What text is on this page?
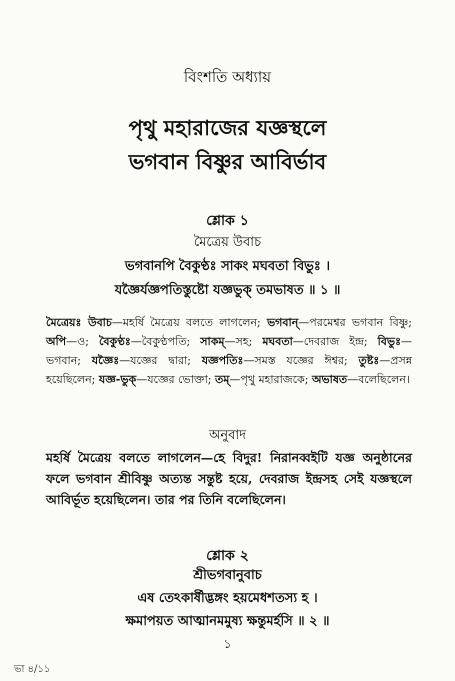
বিংশতি অধ্যায়
পৃথু মহারাজের যজ্ঞস্থলে
ভগবান বিষ্ণুর আবির্ভাব
শ্লোক ১
মৈত্রেয় উবাচ
ভগবানপি বৈকুণ্ঠঃ সাকং মঘবতা বিভুঃ ।
যজ্ঞৈর্যজ্ঞপতিস্তুষ্টো যজ্ঞভুক্ তমভাষত ॥ ১ ॥
মৈত্রেয়ঃ উবাচ—মহর্ষি মৈত্রেয় বলতে লাগলেন; ভগবান্—পরমেশ্বর ভগবান বিষ্ণু; অপি—ও; বৈকুণ্ঠঃ—বৈকুণ্ঠপতি; সাকম্—সহ; মঘবতা—দেবরাজ ইন্দ্র; বিভুঃ—ভগবান; যজ্ঞৈঃ—যজ্ঞের দ্বারা; যজ্ঞপতিঃ—সমস্ত যজ্ঞের ঈশ্বর; তুষ্টঃ—প্রসন্ন হয়েছিলেন; যজ্ঞ-ভুক্—যজ্ঞের ভোক্তা; তম্—পৃথু মহারাজকে; অভাষত—বলেছিলেন।
অনুবাদ
মহর্ষি মৈত্রেয় বলতে লাগলেন—হে বিদুর! নিরানব্বইটি যজ্ঞ অনুষ্ঠানের ফলে ভগবান শ্রীবিষ্ণু অত্যন্ত সন্তুষ্ট হয়ে, দেবরাজ ইন্দ্রসহ সেই যজ্ঞস্থলে আবির্ভূত হয়েছিলেন। তার পর তিনি বলেছিলেন।
শ্লোক ২
শ্রীভগবানুবাচ
এষ তেঽকার্ষীদ্ভঙ্গং হয়মেধশতস্য হ ।
ক্ষমাপয়ত আত্মানমমুষ্য ক্ষন্তুমর্হসি ॥ ২ ॥
১
ভা ৪/১১
